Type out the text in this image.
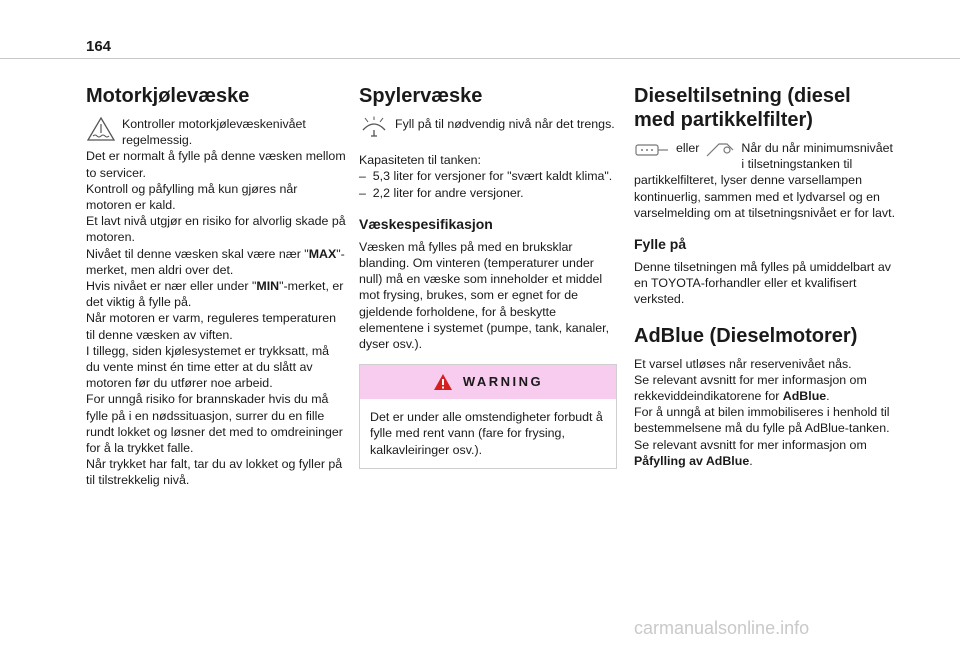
164
Motorkjølevæske

Kontroller motorkjølevæskenivået regelmessig.

Det er normalt å fylle på denne væsken mellom to servicer.

Kontroll og påfylling må kun gjøres når motoren er kald.

Et lavt nivå utgjør en risiko for alvorlig skade på motoren.

Nivået til denne væsken skal være nær "MAX"-merket, men aldri over det.

Hvis nivået er nær eller under "MIN"-merket, er det viktig å fylle på.

Når motoren er varm, reguleres temperaturen til denne væsken av viften.

I tillegg, siden kjølesystemet er trykksatt, må du vente minst én time etter at du slått av motoren før du utfører noe arbeid.

For unngå risiko for brannskader hvis du må fylle på i en nødssituasjon, surrer du en fille rundt lokket og løsner det med to omdreininger for å la trykket falle.

Når trykket har falt, tar du av lokket og fyller på til tilstrekkelig nivå.

Spylervæske

Fyll på til nødvendig nivå når det trengs.

Kapasiteten til tanken:

–  5,3 liter for versjoner for "svært kaldt klima".

–  2,2 liter for andre versjoner.

Væskespesifikasjon

Væsken må fylles på med en bruksklar blanding. Om vinteren (temperaturer under null) må en væske som inneholder et middel mot frysing, brukes, som er egnet for de gjeldende forholdene, for å beskytte elementene i systemet (pumpe, tank, kanaler, dyser osv.).

WARNING

Det er under alle omstendigheter forbudt å fylle med rent vann (fare for frysing, kalkavleiringer osv.).

Dieseltilsetning (diesel med partikkelfilter)
eller	Når du når minimumsnivået i tilsetningstanken til

partikkelfilteret, lyser denne varsellampen kontinuerlig, sammen med et lydvarsel og en varselmelding om at tilsetningsnivået er for lavt.

Fylle på

Denne tilsetningen må fylles på umiddelbart av en TOYOTA-forhandler eller et kvalifisert verksted.

AdBlue (Dieselmotorer)

Et varsel utløses når reservenivået nås.

Se relevant avsnitt for mer informasjon om rekkeviddeindikatorene for AdBlue.

For å unngå at bilen immobiliseres i henhold til bestemmelsene må du fylle på AdBlue-tanken.

Se relevant avsnitt for mer informasjon om

Påfylling av AdBlue.

carmanualsonline.info
